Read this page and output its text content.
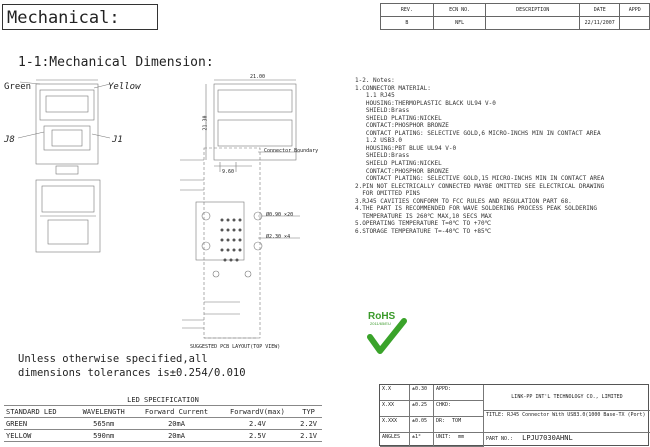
Mechanical:	REV.	ECN NO.	DESCRIPTION	DATE	APPD
B	NFL		22/11/2007	
1-1:Mechanical Dimension:
Green	Yellow
J8	J1
21.00
21.30
9.60
Connector Boundary
Ø0.90 ×20
Ø2.30 ×4
SUGGESTED PCB LAYOUT(TOP VIEW)
1-2. Notes:
1.CONNECTOR MATERIAL:
1.1 RJ45
HOUSING:THERMOPLASTIC BLACK UL94 V-0
SHIELD:Brass
SHIELD PLATING:NICKEL
CONTACT:PHOSPHOR BRONZE
CONTACT PLATING: SELECTIVE GOLD,6 MICRO-INCHS MIN IN CONTACT AREA
1.2 USB3.0
HOUSING:PBT BLUE UL94 V-0
SHIELD:Brass
SHIELD PLATING:NICKEL
CONTACT:PHOSPHOR BRONZE
CONTACT PLATING: SELECTIVE GOLD,15 MICRO-INCHS MIN IN CONTACT AREA
2.PIN NOT ELECTRICALLY CONNECTED MAYBE OMITTED SEE ELECTRICAL DRAWING
FOR OMITTED PINS
3.RJ45 CAVITIES CONFORM TO FCC RULES AND REGULATION PART 68.
4.THE PART IS RECOMMENDED FOR WAVE SOLDERING PROCESS PEAK SOLDERING
TEMPERATURE IS 260℃ MAX,10 SECS MAX
5.OPERATING TEMPERATURE T=0℃ TO +70℃
6.STORAGE TEMPERATURE T=-40℃ TO +85℃
RoHS
2011/65/EU
Unless otherwise specified,all
dimensions tolerances is±0.254/0.010
LED SPECIFICATION				
STANDARD LED	WAVELENGTH	Forward Current	ForwardV(max)	TYP
GREEN	565nm	20mA	2.4V	2.2V
YELLOW	590nm	20mA	2.5V	2.1V
X.X	±0.30
X.XX	±0.25
X.XXX	±0.05
ANGLES	±1°
APPD:
CHKD:
DR: TOM
UNIT: mm
LINK-PP INT'L TECHNOLOGY CO., LIMITED
TITLE: RJ45 Connector With USB3.0(1000 Base-TX (Port)
PART NO.: LPJU7030AHNL
